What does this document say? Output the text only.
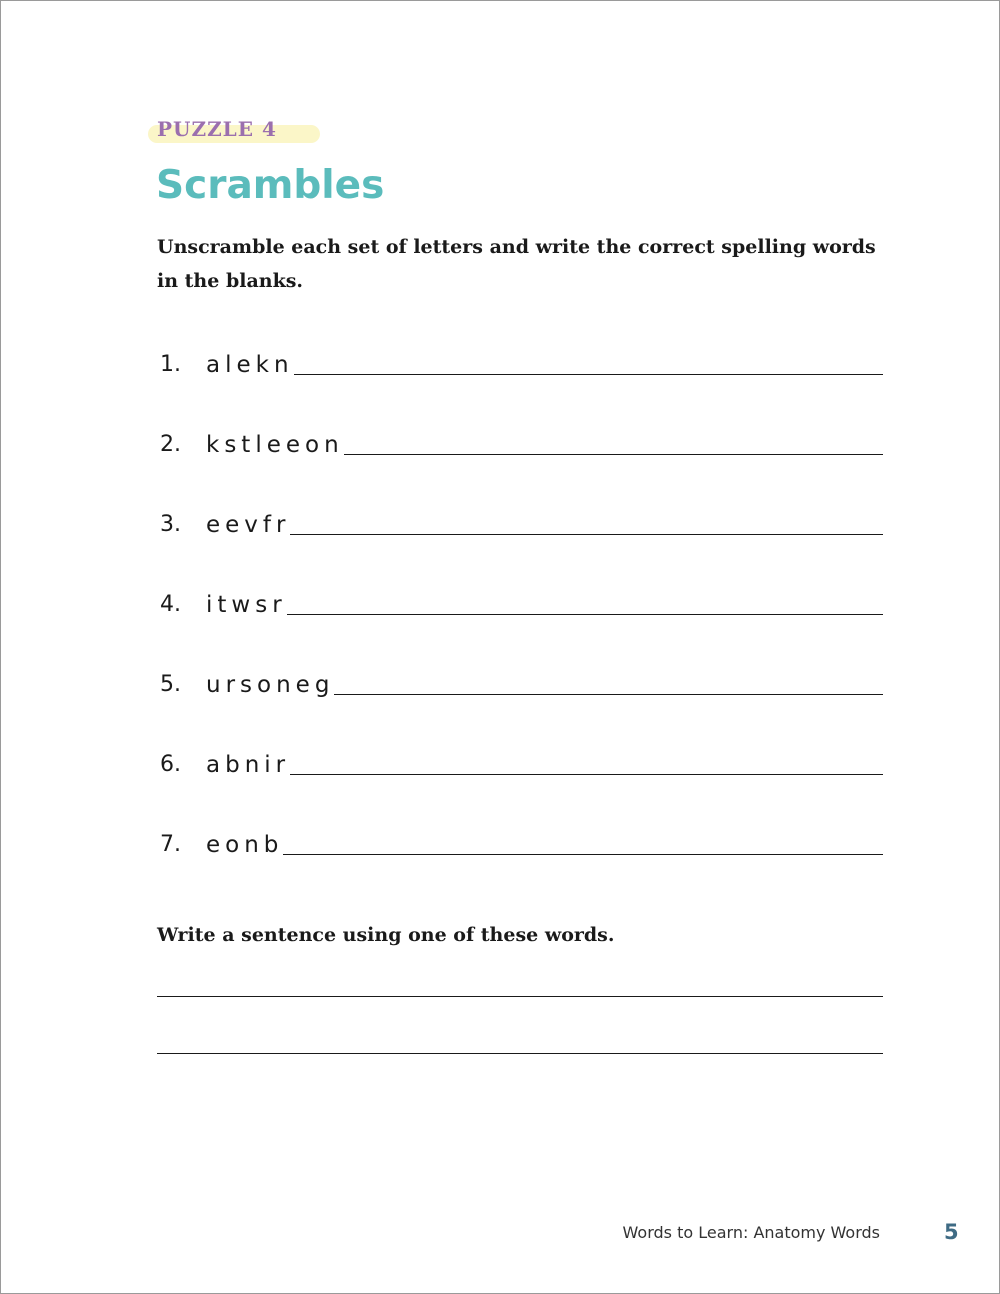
PUZZLE 4
Scrambles

Unscramble each set of letters and write the correct spelling words in the blanks.

1.	alekn
2.	kstleeon
3.	eevfr
4.	itwsr
5.	ursoneg
6.	abnir
7.	eonb

Write a sentence using one of these words.

Words to Learn: Anatomy Words	5
